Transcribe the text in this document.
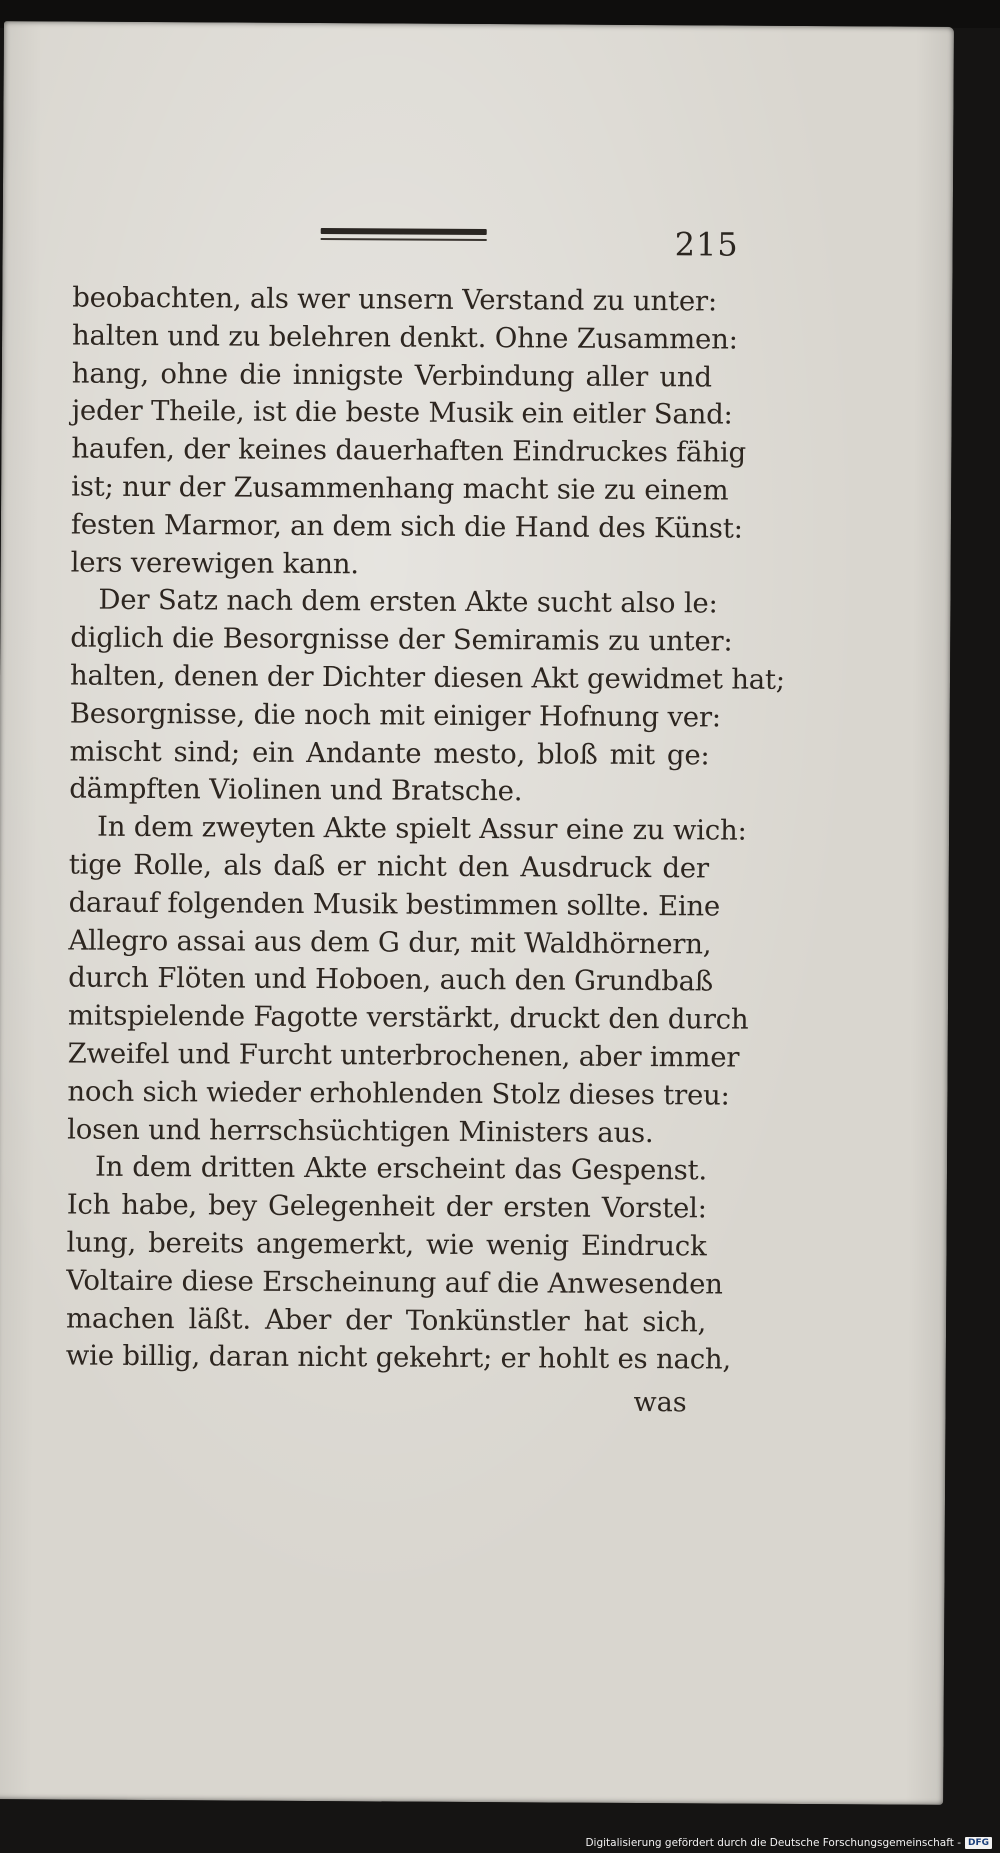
215
beobachten, als wer unsern Verstand zu unter:
halten und zu belehren denkt. Ohne Zusammen:
hang, ohne die innigste Verbindung aller und
jeder Theile, ist die beste Musik ein eitler Sand:
haufen, der keines dauerhaften Eindruckes fähig
ist; nur der Zusammenhang macht sie zu einem
festen Marmor, an dem sich die Hand des Künst:
lers verewigen kann.
Der Satz nach dem ersten Akte sucht also le:
diglich die Besorgnisse der Semiramis zu unter:
halten, denen der Dichter diesen Akt gewidmet hat;
Besorgnisse, die noch mit einiger Hofnung ver:
mischt sind; ein Andante mesto, bloß mit ge:
dämpften Violinen und Bratsche.
In dem zweyten Akte spielt Assur eine zu wich:
tige Rolle, als daß er nicht den Ausdruck der
darauf folgenden Musik bestimmen sollte. Eine
Allegro assai aus dem G dur, mit Waldhörnern,
durch Flöten und Hoboen, auch den Grundbaß
mitspielende Fagotte verstärkt, druckt den durch
Zweifel und Furcht unterbrochenen, aber immer
noch sich wieder erhohlenden Stolz dieses treu:
losen und herrschsüchtigen Ministers aus.
In dem dritten Akte erscheint das Gespenst.
Ich habe, bey Gelegenheit der ersten Vorstel:
lung, bereits angemerkt, wie wenig Eindruck
Voltaire diese Erscheinung auf die Anwesenden
machen läßt. Aber der Tonkünstler hat sich,
wie billig, daran nicht gekehrt; er hohlt es nach,
was
Digitalisierung gefördert durch die Deutsche Forschungsgemeinschaft - DFG
